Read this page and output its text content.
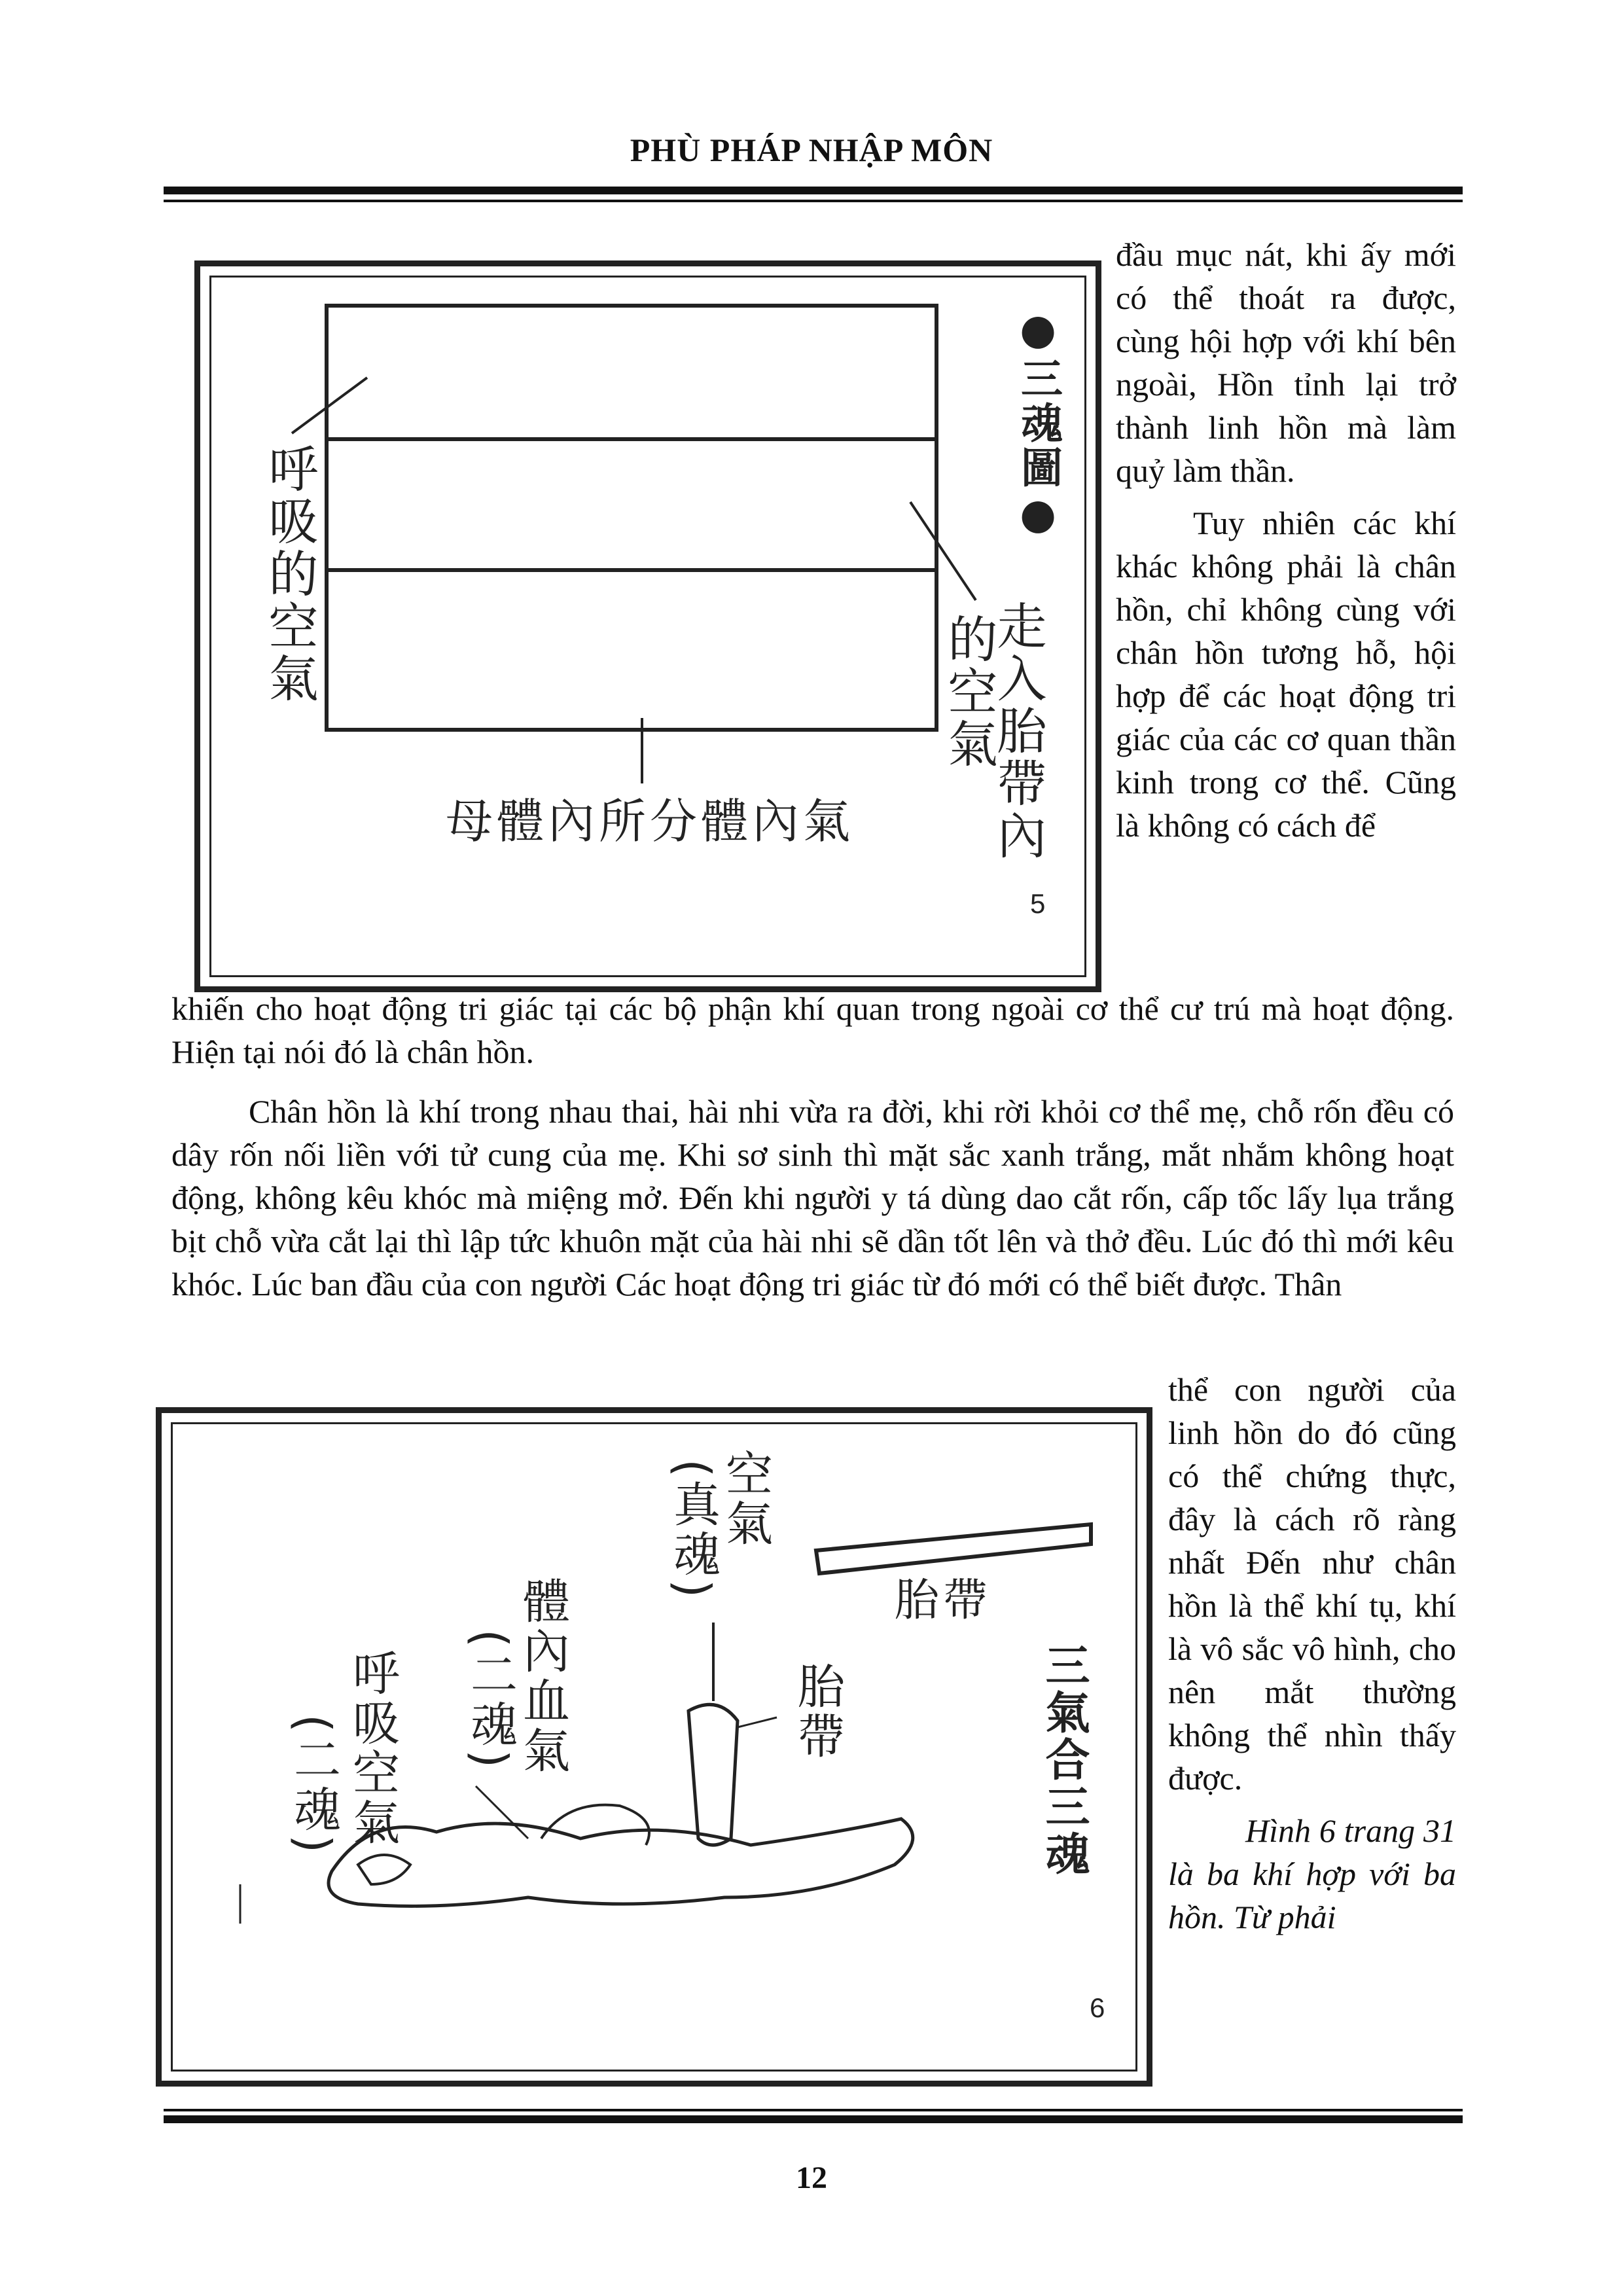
PHÙ PHÁP NHẬP MÔN
呼吸的空氣
●三魂圖●
走入胎帶內
的空氣
母體內所分體內氣
5

đầu mục nát, khi ấy mới có thể thoát ra được, cùng hội hợp với khí bên ngoài, Hồn tỉnh lại trở thành linh hồn mà làm quỷ làm thần.

Tuy nhiên các khí khác không phải là chân hồn, chỉ không cùng với chân hồn tương hỗ, hội hợp để các hoạt động tri giác của các cơ quan thần kinh trong cơ thể. Cũng là không có cách để

khiến cho hoạt động tri giác tại các bộ phận khí quan trong ngoài cơ thể cư trú mà hoạt động. Hiện tại nói đó là chân hồn.

Chân hồn là khí trong nhau thai, hài nhi vừa ra đời, khi rời khỏi cơ thể mẹ, chỗ rốn đều có dây rốn nối liền với tử cung của mẹ. Khi sơ sinh thì mặt sắc xanh trắng, mắt nhắm không hoạt động, không kêu khóc mà miệng mở. Đến khi người y tá dùng dao cắt rốn, cấp tốc lấy lụa trắng bịt chỗ vừa cắt lại thì lập tức khuôn mặt của hài nhi sẽ dần tốt lên và thở đều. Lúc đó thì mới kêu khóc. Lúc ban đầu của con người Các hoạt động tri giác từ đó mới có thể biết được. Thân

空氣
(真魂)
胎帶
胎帶
體內血氣
(二魂)
呼吸空氣
(二魂)	三氣合三魂
6

thể con người của linh hồn do đó cũng có thể chứng thực, đây là cách rõ ràng nhất Đến như chân hồn là thể khí tụ, khí là vô sắc vô hình, cho nên mắt thường không thể nhìn thấy được.

Hình 6 trang 31 là ba khí hợp với ba hồn. Từ phải

12
